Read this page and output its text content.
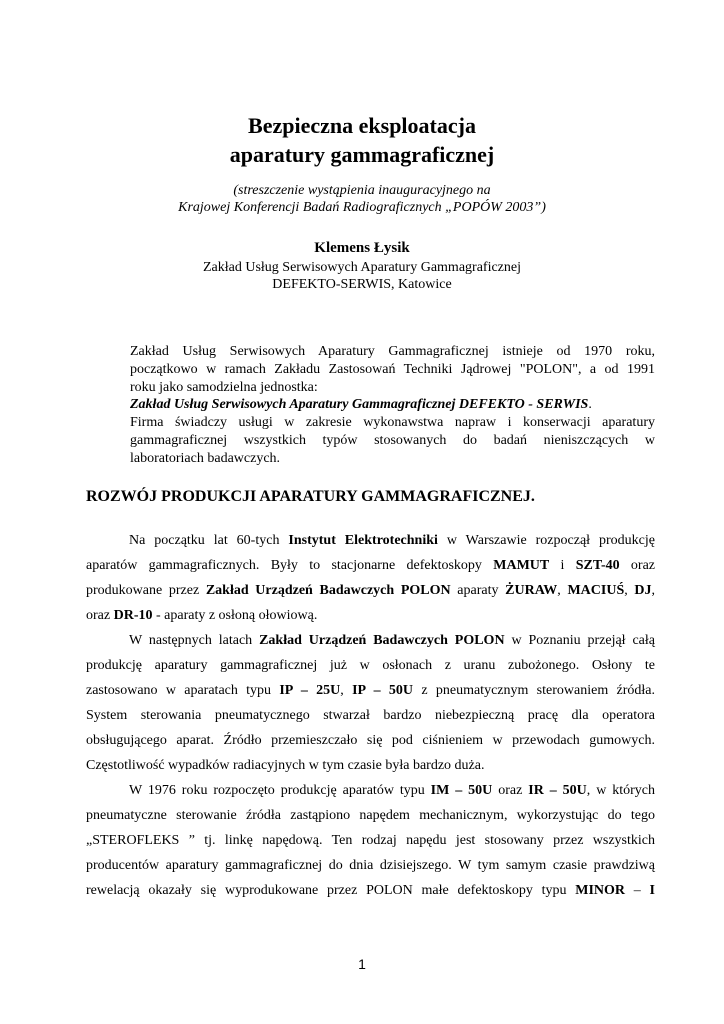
Bezpieczna eksploatacja
aparatury gammagraficznej
(streszczenie wystąpienia inauguracyjnego na
Krajowej Konferencji Badań Radiograficznych „POPÓW 2003”)
Klemens Łysik
Zakład Usług Serwisowych Aparatury Gammagraficznej
DEFEKTO-SERWIS, Katowice
Zakład Usług Serwisowych Aparatury Gammagraficznej istnieje od 1970 roku,
początkowo w ramach Zakładu Zastosowań Techniki Jądrowej "POLON", a od 1991
roku jako samodzielna jednostka:
Zakład Usług Serwisowych Aparatury Gammagraficznej DEFEKTO - SERWIS.
Firma świadczy usługi w zakresie wykonawstwa napraw i konserwacji aparatury
gammagraficznej wszystkich typów stosowanych do badań nieniszczących w
laboratoriach badawczych.
ROZWÓJ PRODUKCJI APARATURY GAMMAGRAFICZNEJ.
Na początku lat 60-tych Instytut Elektrotechniki w Warszawie rozpoczął produkcję
aparatów gammagraficznych. Były to stacjonarne defektoskopy MAMUT i SZT-40 oraz
produkowane przez Zakład Urządzeń Badawczych POLON aparaty ŻURAW, MACIUŚ, DJ,
oraz DR-10 - aparaty z osłoną ołowiową.
W następnych latach Zakład Urządzeń Badawczych POLON w Poznaniu przejął całą
produkcję aparatury gammagraficznej już w osłonach z uranu zubożonego. Osłony te
zastosowano w aparatach typu IP – 25U, IP – 50U z pneumatycznym sterowaniem źródła.
System sterowania pneumatycznego stwarzał bardzo niebezpieczną pracę dla operatora
obsługującego aparat. Źródło przemieszczało się pod ciśnieniem w przewodach gumowych.
Częstotliwość wypadków radiacyjnych w tym czasie była bardzo duża.
W 1976 roku rozpoczęto produkcję aparatów typu IM – 50U oraz IR – 50U, w których
pneumatyczne sterowanie źródła zastąpiono napędem mechanicznym, wykorzystując do tego
„STEROFLEKS ” tj. linkę napędową. Ten rodzaj napędu jest stosowany przez wszystkich
producentów aparatury gammagraficznej do dnia dzisiejszego. W tym samym czasie prawdziwą
rewelacją okazały się wyprodukowane przez POLON małe defektoskopy typu MINOR – I
1
